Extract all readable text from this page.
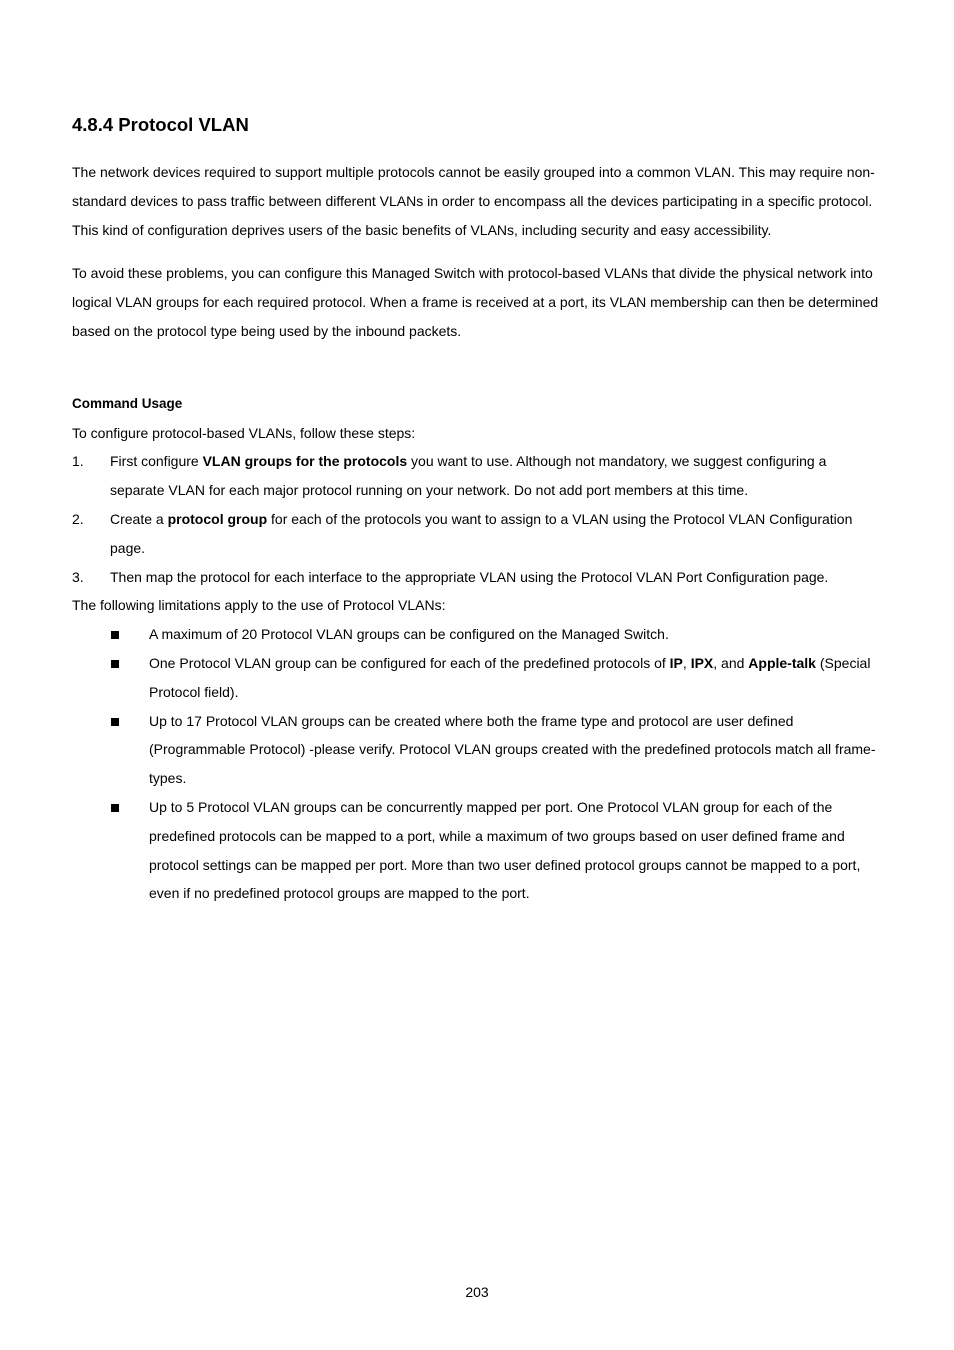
4.8.4 Protocol VLAN

The network devices required to support multiple protocols cannot be easily grouped into a common VLAN. This may require non-standard devices to pass traffic between different VLANs in order to encompass all the devices participating in a specific protocol. This kind of configuration deprives users of the basic benefits of VLANs, including security and easy accessibility.

To avoid these problems, you can configure this Managed Switch with protocol-based VLANs that divide the physical network into logical VLAN groups for each required protocol. When a frame is received at a port, its VLAN membership can then be determined based on the protocol type being used by the inbound packets.

Command Usage

To configure protocol-based VLANs, follow these steps:

1. First configure VLAN groups for the protocols you want to use. Although not mandatory, we suggest configuring a separate VLAN for each major protocol running on your network. Do not add port members at this time.
2. Create a protocol group for each of the protocols you want to assign to a VLAN using the Protocol VLAN Configuration page.
3. Then map the protocol for each interface to the appropriate VLAN using the Protocol VLAN Port Configuration page.

The following limitations apply to the use of Protocol VLANs:

A maximum of 20 Protocol VLAN groups can be configured on the Managed Switch.
One Protocol VLAN group can be configured for each of the predefined protocols of IP, IPX, and Apple-talk (Special Protocol field).
Up to 17 Protocol VLAN groups can be created where both the frame type and protocol are user defined (Programmable Protocol) -please verify. Protocol VLAN groups created with the predefined protocols match all frame-types.
Up to 5 Protocol VLAN groups can be concurrently mapped per port. One Protocol VLAN group for each of the predefined protocols can be mapped to a port, while a maximum of two groups based on user defined frame and protocol settings can be mapped per port. More than two user defined protocol groups cannot be mapped to a port, even if no predefined protocol groups are mapped to the port.
203
